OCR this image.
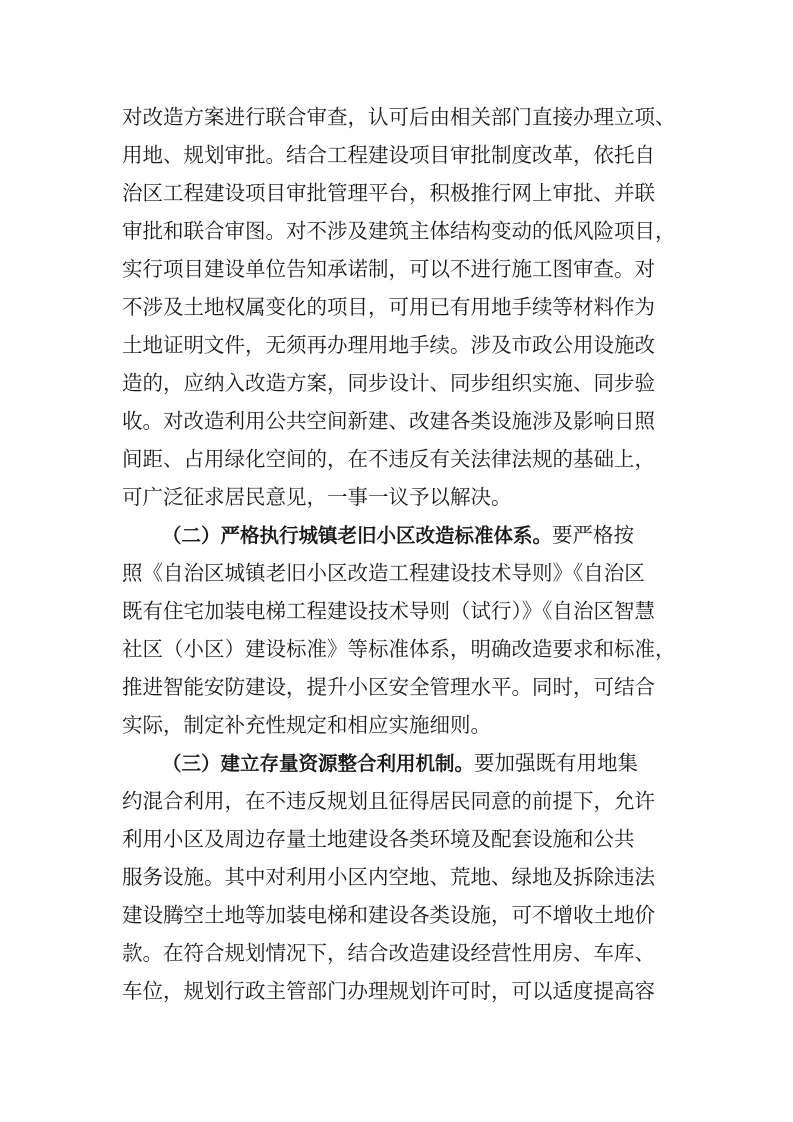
对改造方案进行联合审查，认可后由相关部门直接办理立项、
用地、规划审批。结合工程建设项目审批制度改革，依托自
治区工程建设项目审批管理平台，积极推行网上审批、并联
审批和联合审图。对不涉及建筑主体结构变动的低风险项目，
实行项目建设单位告知承诺制，可以不进行施工图审查。对
不涉及土地权属变化的项目，可用已有用地手续等材料作为
土地证明文件，无须再办理用地手续。涉及市政公用设施改
造的，应纳入改造方案，同步设计、同步组织实施、同步验
收。对改造利用公共空间新建、改建各类设施涉及影响日照
间距、占用绿化空间的，在不违反有关法律法规的基础上，
可广泛征求居民意见，一事一议予以解决。
（二）严格执行城镇老旧小区改造标准体系。要严格按
照《自治区城镇老旧小区改造工程建设技术导则》《自治区
既有住宅加装电梯工程建设技术导则（试行）》《自治区智慧
社区（小区）建设标准》等标准体系，明确改造要求和标准，
推进智能安防建设，提升小区安全管理水平。同时，可结合
实际，制定补充性规定和相应实施细则。
（三）建立存量资源整合利用机制。要加强既有用地集
约混合利用，在不违反规划且征得居民同意的前提下，允许
利用小区及周边存量土地建设各类环境及配套设施和公共
服务设施。其中对利用小区内空地、荒地、绿地及拆除违法
建设腾空土地等加装电梯和建设各类设施，可不增收土地价
款。在符合规划情况下，结合改造建设经营性用房、车库、
车位，规划行政主管部门办理规划许可时，可以适度提高容
